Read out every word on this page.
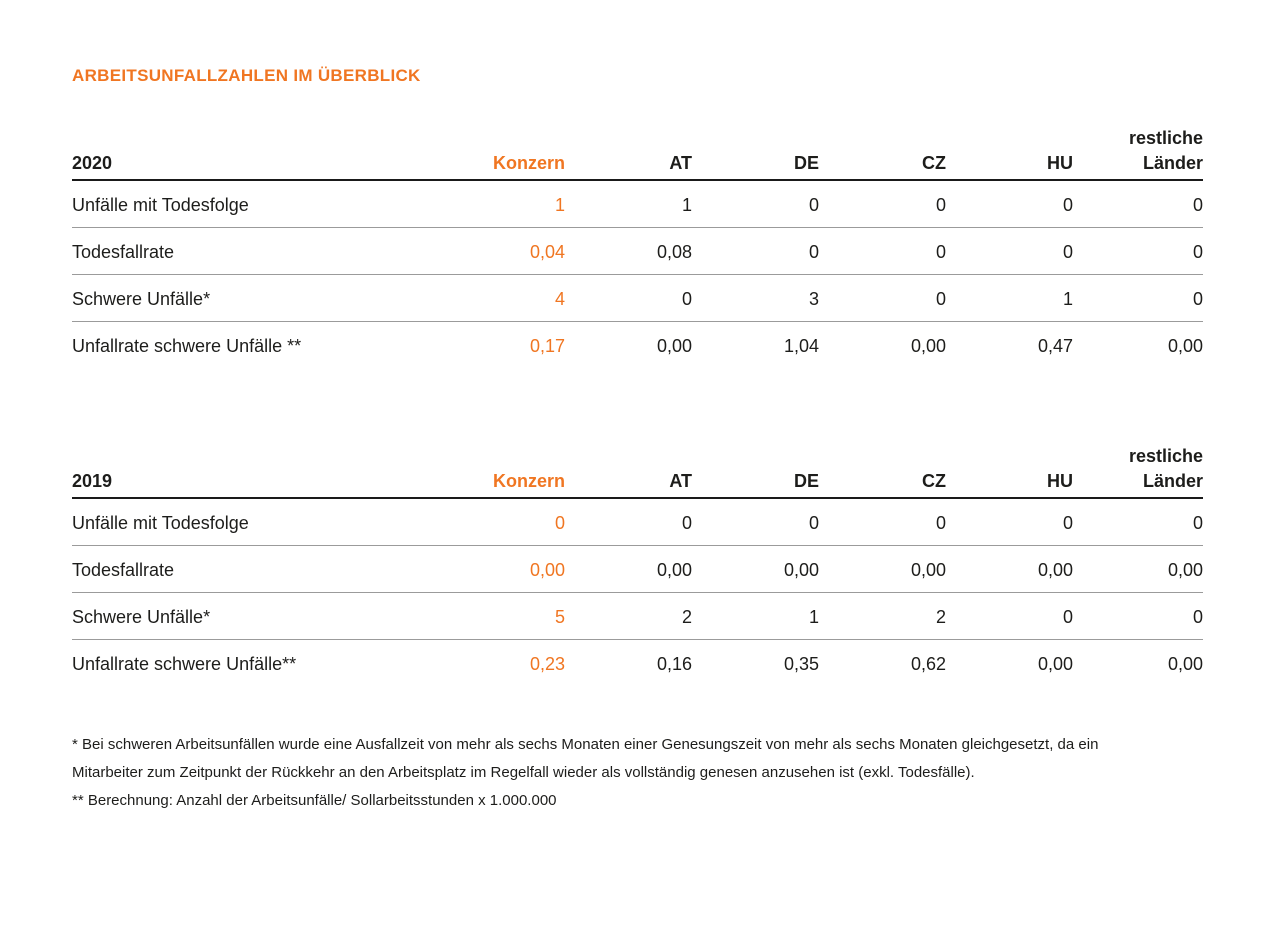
ARBEITSUNFALLZAHLEN IM ÜBERBLICK
2020	Konzern	AT	DE	CZ	HU	restliche
Länder

Unfälle mit Todesfolge	1	1	0	0	0	0
Todesfallrate	0,04	0,08	0	0	0	0
Schwere Unfälle*	4	0	3	0	1	0
Unfallrate schwere Unfälle **	0,17	0,00	1,04	0,00	0,47	0,00
2019	Konzern	AT	DE	CZ	HU	restliche
Länder

Unfälle mit Todesfolge	0	0	0	0	0	0
Todesfallrate	0,00	0,00	0,00	0,00	0,00	0,00
Schwere Unfälle*	5	2	1	2	0	0
Unfallrate schwere Unfälle**	0,23	0,16	0,35	0,62	0,00	0,00
* Bei schweren Arbeitsunfällen wurde eine Ausfallzeit von mehr als sechs Monaten einer Genesungszeit von mehr als sechs Monaten gleichgesetzt, da ein
Mitarbeiter zum Zeitpunkt der Rückkehr an den Arbeitsplatz im Regelfall wieder als vollständig genesen anzusehen ist (exkl. Todesfälle).
** Berechnung: Anzahl der Arbeitsunfälle/ Sollarbeitsstunden x 1.000.000
